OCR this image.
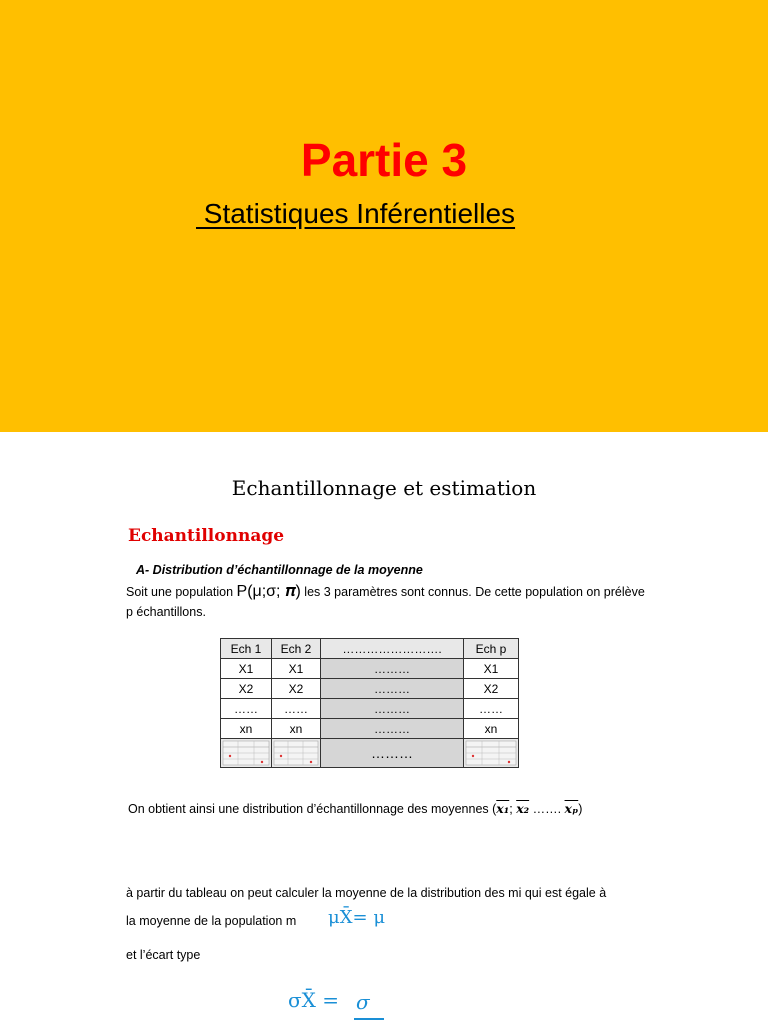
Partie 3
Statistiques Inférentielles
Echantillonnage et estimation
Echantillonnage
A- Distribution d’échantillonnage de la moyenne
Soit une population P(μ;σ; 𝝅) les 3 paramètres sont connus. De cette population on prélève p échantillons.
Ech 1	Ech 2	…………………….	Ech p
X1	X1	………	X1
X2	X2	………	X2
……	……	………	……
xn	xn	………	xn
		………	
On obtient ainsi une distribution d’échantillonnage des moyennes (x₁; x₂ ……. $\overline{x_p}$)
à partir du tableau on peut calculer la moyenne de la distribution des mi qui est égale à
la moyenne de la population m μX̄= μ
et l’écart type
σX̄ = σ
